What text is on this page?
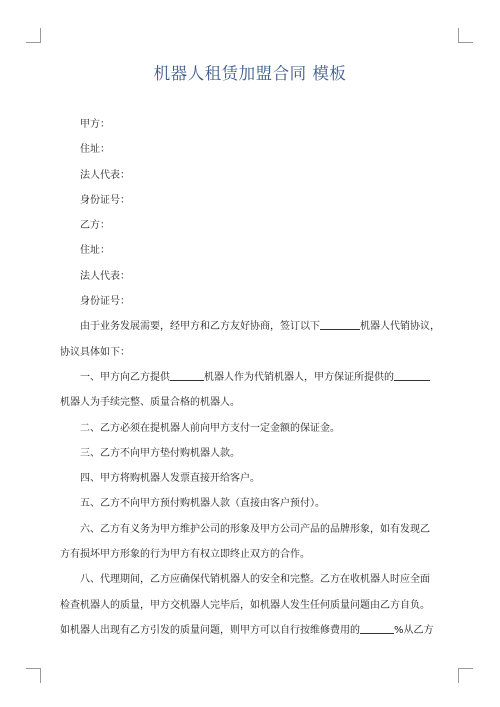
机器人租赁加盟合同 模板
甲方：
住址：
法人代表：
身份证号：
乙方：
住址：
法人代表：
身份证号：
由于业务发展需要，经甲方和乙方友好协商，签订以下	机器人代销协议，
协议具体如下：
一、甲方向乙方提供	机器人作为代销机器人，甲方保证所提供的
机器人为手续完整、质量合格的机器人。
二、乙方必须在提机器人前向甲方支付一定金额的保证金。
三、乙方不向甲方垫付购机器人款。
四、甲方将购机器人发票直接开给客户。
五、乙方不向甲方预付购机器人款（直接由客户预付）。
六、乙方有义务为甲方维护公司的形象及甲方公司产品的品牌形象，如有发现乙
方有损坏甲方形象的行为甲方有权立即终止双方的合作。
八、代理期间，乙方应确保代销机器人的安全和完整。乙方在收机器人时应全面
检查机器人的质量，甲方交机器人完毕后，如机器人发生任何质量问题由乙方自负。
如机器人出现有乙方引发的质量问题，则甲方可以自行按维修费用的	%从乙方
